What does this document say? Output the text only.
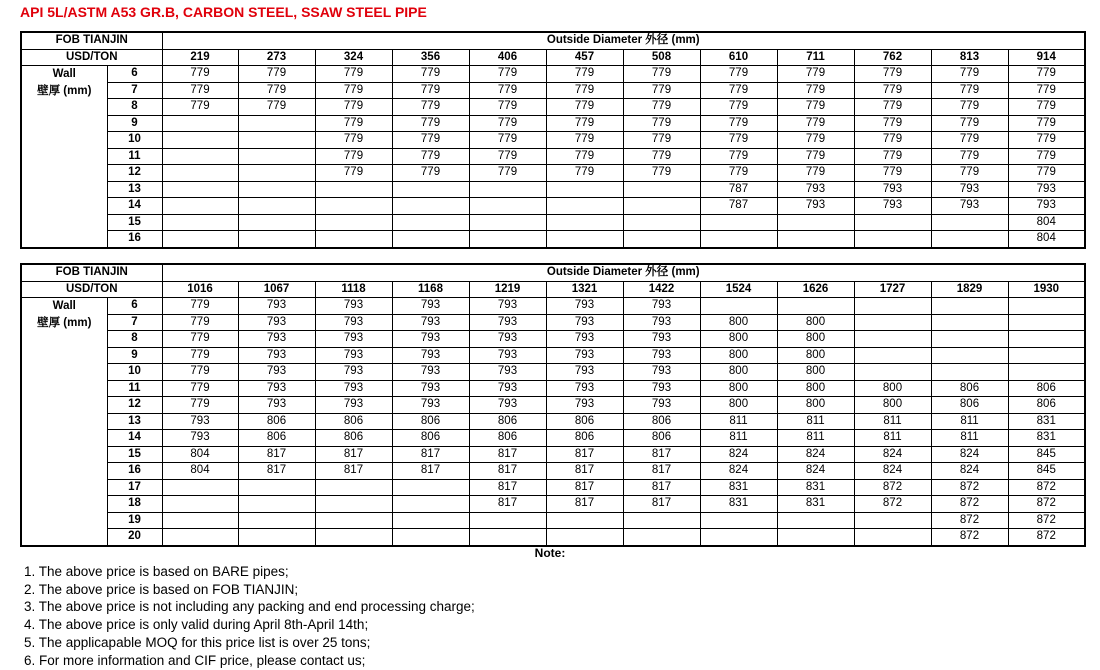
API 5L/ASTM A53 GR.B, CARBON STEEL, SSAW STEEL PIPE
FOB TIANJIN		Outside Diameter 外径 (mm)											
USD/TON		219	273	324	356	406	457	508	610	711	762	813	914

Wall
壁厚 (mm)	6	779	779	779	779	779	779	779	779	779	779	779	779
	7	779	779	779	779	779	779	779	779	779	779	779	779
	8	779	779	779	779	779	779	779	779	779	779	779	779
	9			779	779	779	779	779	779	779	779	779	779
	10			779	779	779	779	779	779	779	779	779	779
	11			779	779	779	779	779	779	779	779	779	779
	12			779	779	779	779	779	779	779	779	779	779
	13								787	793	793	793	793
	14								787	793	793	793	793
	15												804
	16												804
FOB TIANJIN		Outside Diameter 外径 (mm)											
USD/TON		1016	1067	1118	1168	1219	1321	1422	1524	1626	1727	1829	1930

Wall
壁厚 (mm)	6	779	793	793	793	793	793	793					
	7	779	793	793	793	793	793	793	800	800			
	8	779	793	793	793	793	793	793	800	800			
	9	779	793	793	793	793	793	793	800	800			
	10	779	793	793	793	793	793	793	800	800			
	11	779	793	793	793	793	793	793	800	800	800	806	806
	12	779	793	793	793	793	793	793	800	800	800	806	806
	13	793	806	806	806	806	806	806	811	811	811	811	831
	14	793	806	806	806	806	806	806	811	811	811	811	831
	15	804	817	817	817	817	817	817	824	824	824	824	845
	16	804	817	817	817	817	817	817	824	824	824	824	845
	17					817	817	817	831	831	872	872	872
	18					817	817	817	831	831	872	872	872
	19											872	872
	20											872	872
Note:
1. The above price is based on BARE pipes;
2. The above price is based on FOB TIANJIN;
3. The above price is not including any packing and end processing charge;
4. The above price is only valid during April 8th-April 14th;
5. The applicapable MOQ for this price list is over 25 tons;
6. For more information and CIF price, please contact us;
